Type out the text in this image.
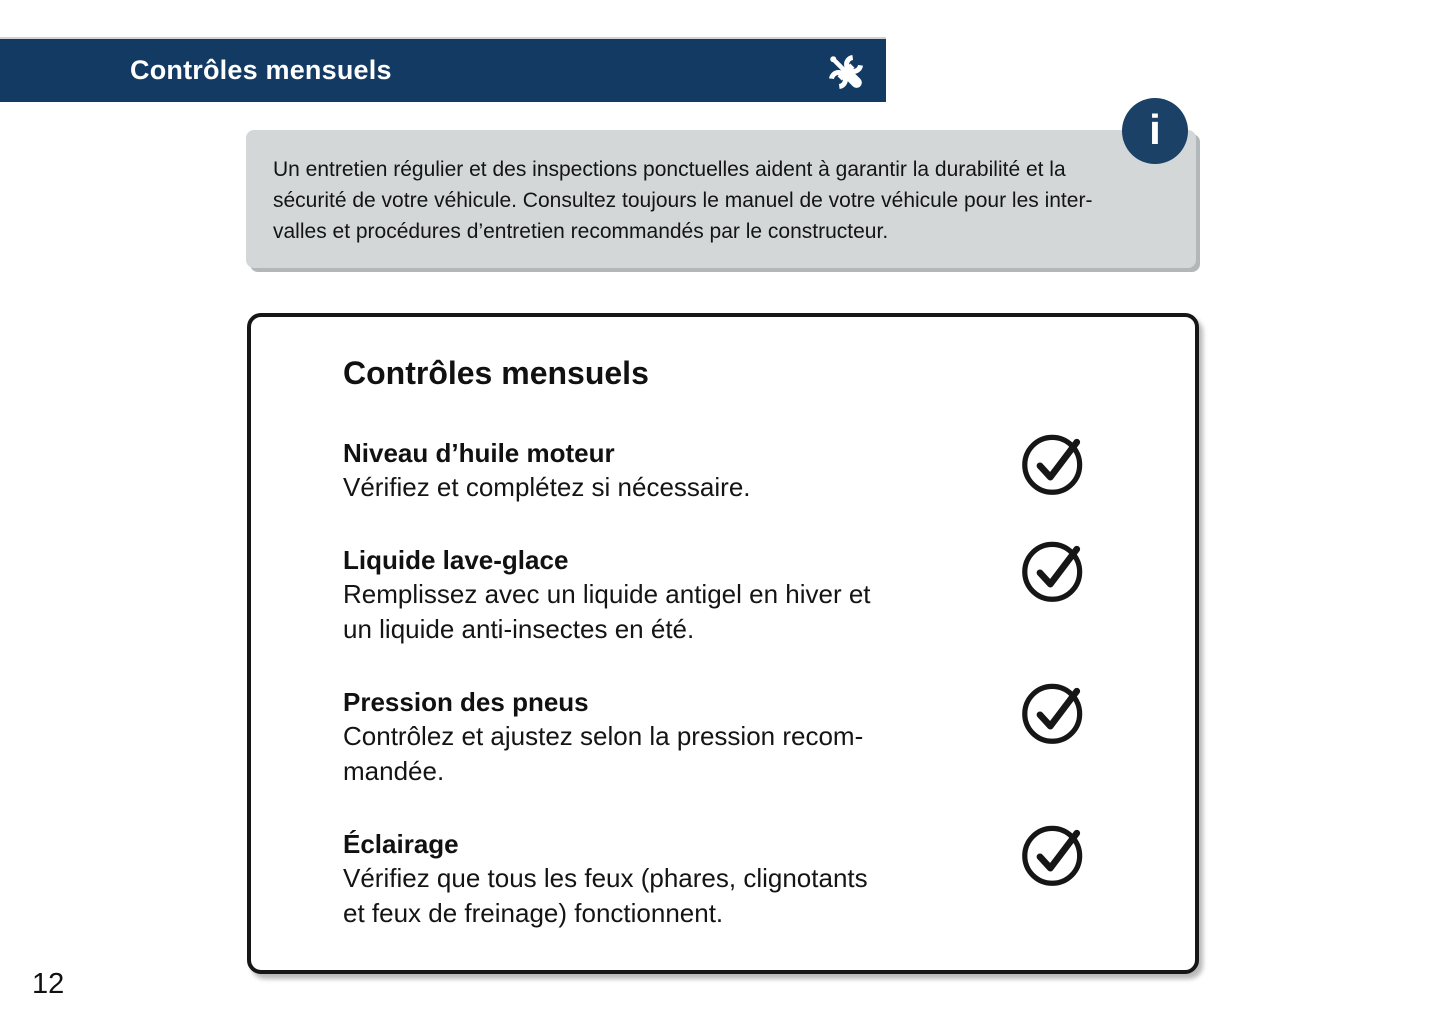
Contrôles mensuels
i
Un entretien régulier et des inspections ponctuelles aident à garantir la durabilité et la
sécurité de votre véhicule. Consultez toujours le manuel de votre véhicule pour les inter-
valles et procédures d’entretien recommandés par le constructeur.
Contrôles mensuels
Niveau d’huile moteur
Vérifiez et complétez si nécessaire.
Liquide lave-glace
Remplissez avec un liquide antigel en hiver et
un liquide anti-insectes en été.
Pression des pneus
Contrôlez et ajustez selon la pression recom-
mandée.
Éclairage
Vérifiez que tous les feux (phares, clignotants
et feux de freinage) fonctionnent.
12
